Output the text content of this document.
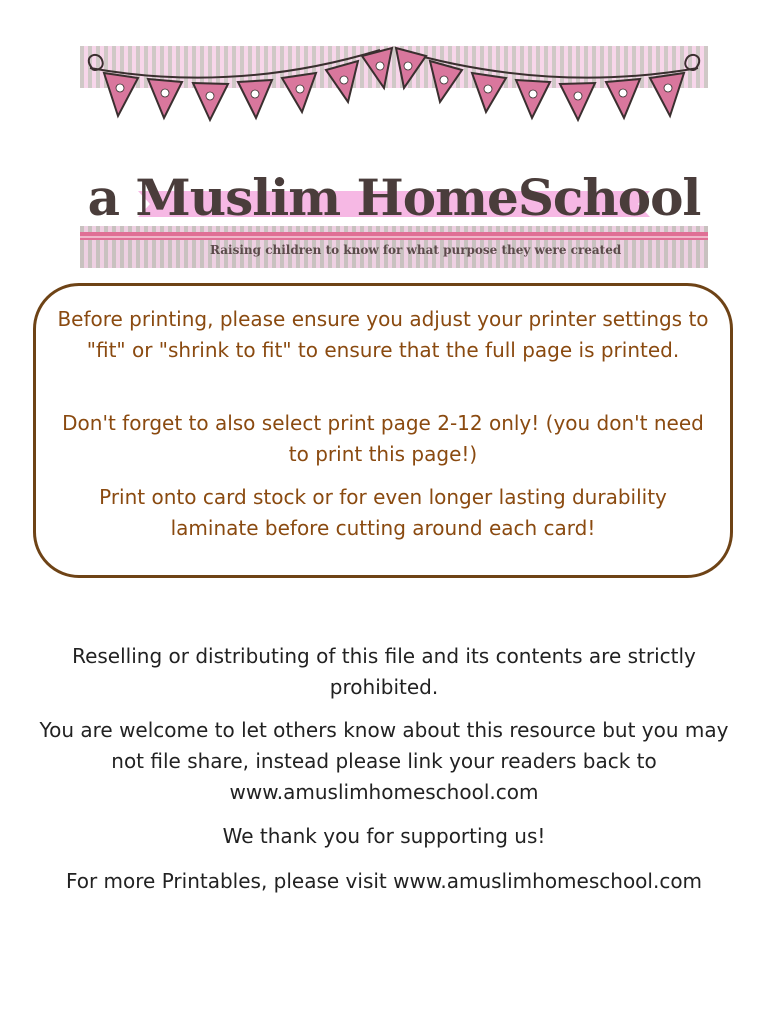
a Muslim HomeSchool
Raising children to know for what purpose they were created

Before printing, please ensure you adjust your printer settings to "fit" or "shrink to fit" to ensure that the full page is printed.

Don't forget to also select print page 2-12 only! (you don't need to print this page!)

Print onto card stock or for even longer lasting durability laminate before cutting around each card!

Reselling or distributing of this file and its contents are strictly prohibited.

You are welcome to let others know about this resource but you may not file share, instead please link your readers back to www.amuslimhomeschool.com

We thank you for supporting us!

For more Printables, please visit www.amuslimhomeschool.com
